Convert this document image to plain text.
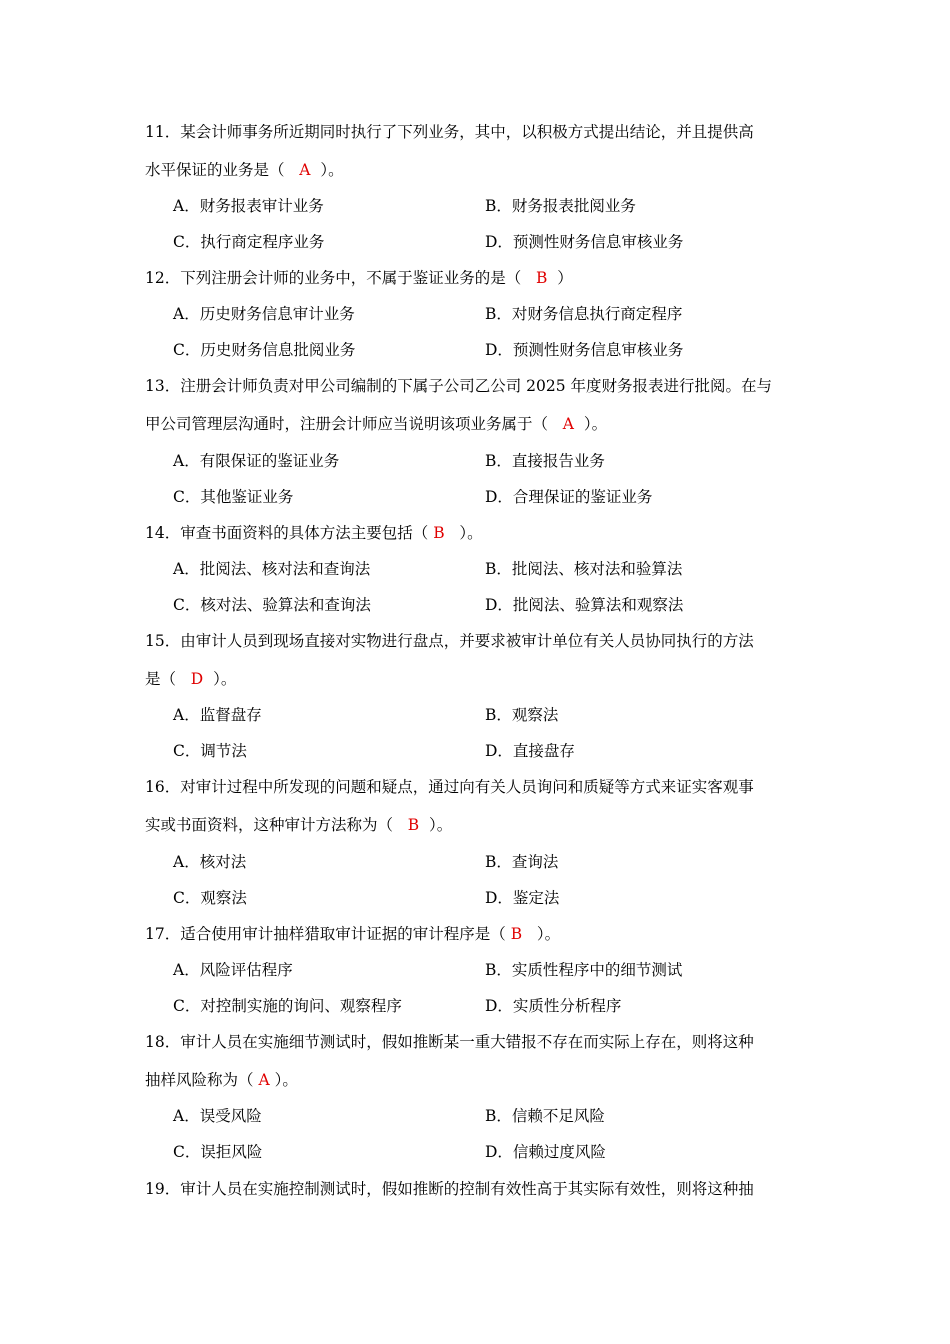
11．某会计师事务所近期同时执行了下列业务，其中，以积极方式提出结论，并且提供高
水平保证的业务是（ A ）。
A．财务报表审计业务	B．财务报表批阅业务
C．执行商定程序业务	D．预测性财务信息审核业务
12．下列注册会计师的业务中，不属于鉴证业务的是（ B ）
A．历史财务信息审计业务	B．对财务信息执行商定程序
C．历史财务信息批阅业务	D．预测性财务信息审核业务
13．注册会计师负责对甲公司编制的下属子公司乙公司 2025 年度财务报表进行批阅。在与
甲公司管理层沟通时，注册会计师应当说明该项业务属于（ A ）。
A．有限保证的鉴证业务	B．直接报告业务
C．其他鉴证业务	D．合理保证的鉴证业务
14．审查书面资料的具体方法主要包括（ B ）。
A．批阅法、核对法和查询法	B．批阅法、核对法和验算法
C．核对法、验算法和查询法	D．批阅法、验算法和观察法
15．由审计人员到现场直接对实物进行盘点，并要求被审计单位有关人员协同执行的方法
是（ D ）。
A．监督盘存	B．观察法
C．调节法	D．直接盘存
16．对审计过程中所发现的问题和疑点，通过向有关人员询问和质疑等方式来证实客观事
实或书面资料，这种审计方法称为（ B ）。
A．核对法	B．查询法
C．观察法	D．鉴定法
17．适合使用审计抽样猎取审计证据的审计程序是（ B ）。
A．风险评估程序	B．实质性程序中的细节测试
C．对控制实施的询问、观察程序	D．实质性分析程序
18．审计人员在实施细节测试时，假如推断某一重大错报不存在而实际上存在，则将这种
抽样风险称为（ A ）。
A．误受风险	B．信赖不足风险
C．误拒风险	D．信赖过度风险
19．审计人员在实施控制测试时，假如推断的控制有效性高于其实际有效性，则将这种抽
